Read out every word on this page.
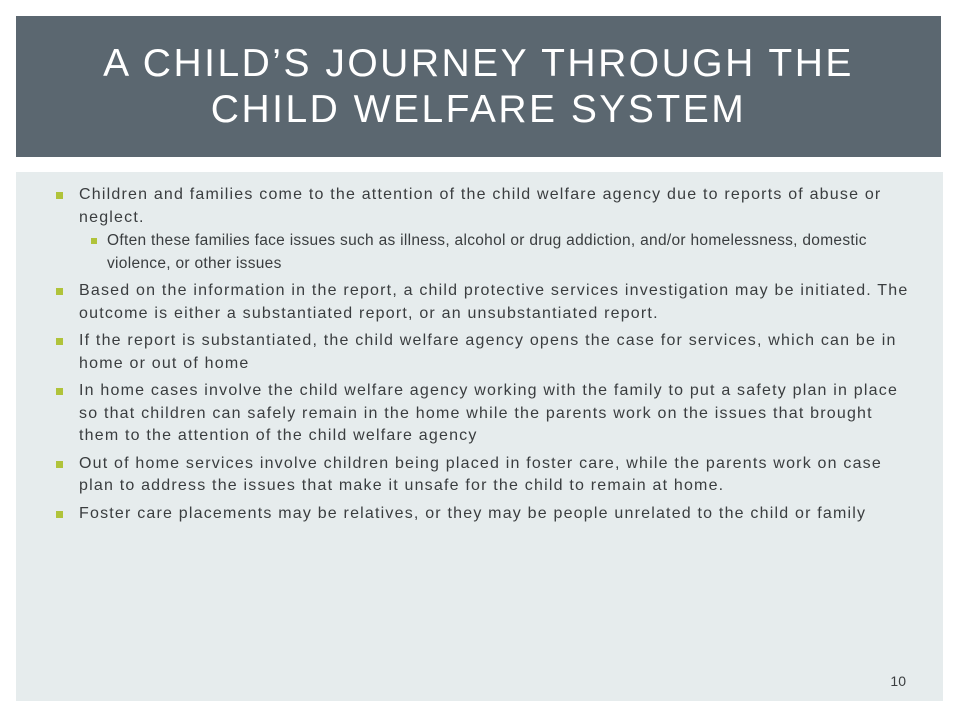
A CHILD’S JOURNEY THROUGH THE CHILD WELFARE SYSTEM
Children and families come to the attention of the child welfare agency due to reports of abuse or neglect.
Often these families face issues such as illness, alcohol or drug addiction, and/or homelessness, domestic violence, or other issues
Based on the information in the report, a child protective services investigation may be initiated. The outcome is either a substantiated report, or an unsubstantiated report.
If the report is substantiated, the child welfare agency opens the case for services, which can be in home or out of home
In home cases involve the child welfare agency working with the family to put a safety plan in place so that children can safely remain in the home while the parents work on the issues that brought them to the attention of the child welfare agency
Out of home services involve children being placed in foster care, while the parents work on case plan to address the issues that make it unsafe for the child to remain at home.
Foster care placements may be relatives, or they may be people unrelated to the child or family
10
